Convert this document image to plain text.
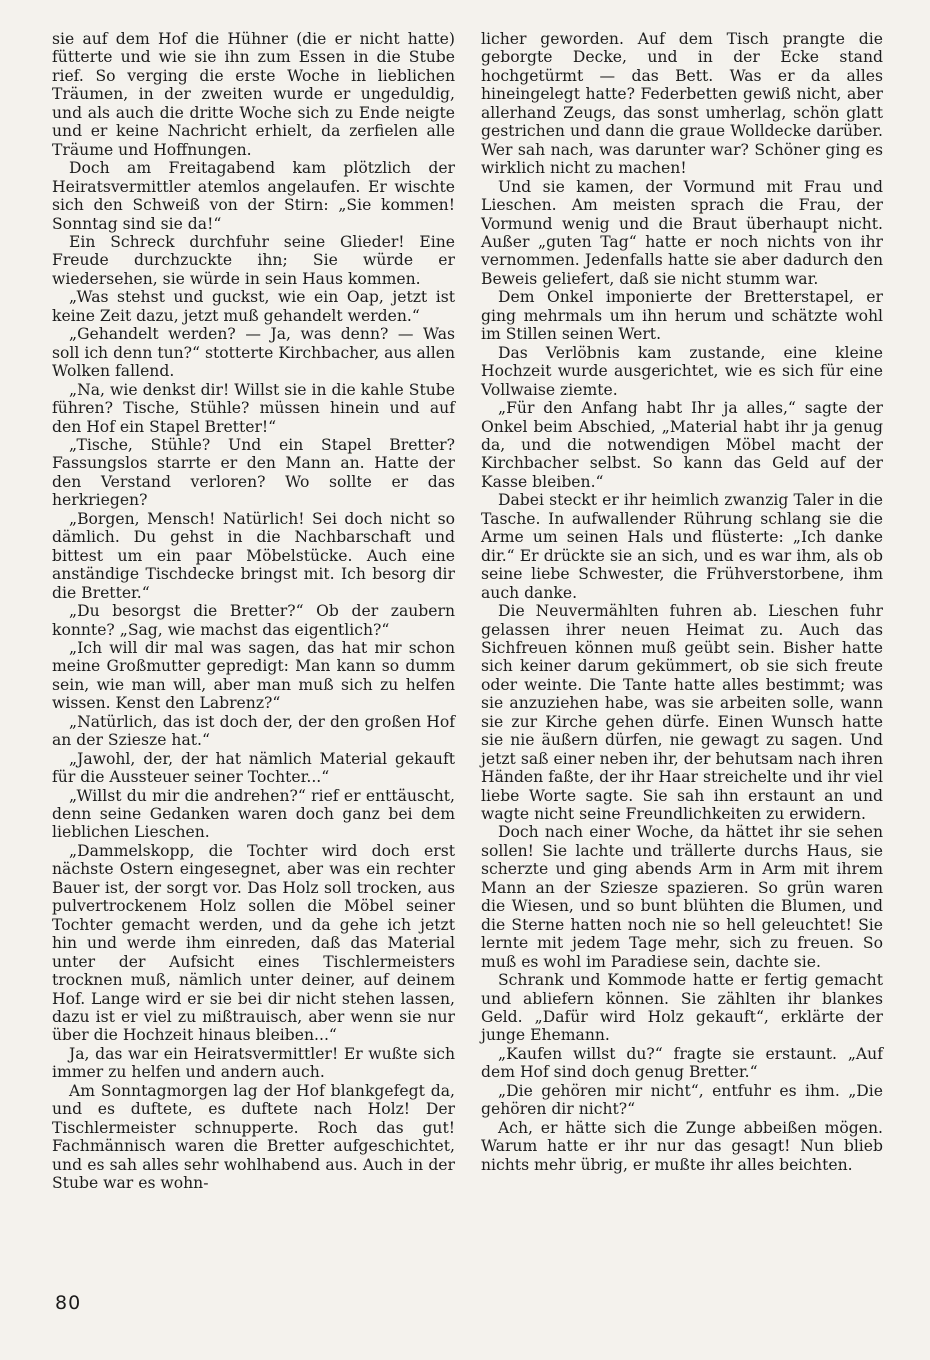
sie auf dem Hof die Hühner (die er nicht hatte) fütterte und wie sie ihn zum Essen in die Stube rief. So verging die erste Woche in lieblichen Träumen, in der zweiten wurde er ungeduldig, und als auch die dritte Woche sich zu Ende neigte und er keine Nachricht erhielt, da zerfielen alle Träume und Hoffnungen.

Doch am Freitagabend kam plötzlich der Heiratsvermittler atemlos angelaufen. Er wischte sich den Schweiß von der Stirn: „Sie kommen! Sonntag sind sie da!“

Ein Schreck durchfuhr seine Glieder! Eine Freude durchzuckte ihn; Sie würde er wiedersehen, sie würde in sein Haus kommen.

„Was stehst und guckst, wie ein Oap, jetzt ist keine Zeit dazu, jetzt muß gehandelt werden.“

„Gehandelt werden? — Ja, was denn? — Was soll ich denn tun?“ stotterte Kirchbacher, aus allen Wolken fallend.

„Na, wie denkst dir! Willst sie in die kahle Stube führen? Tische, Stühle? müssen hinein und auf den Hof ein Stapel Bretter!“

„Tische, Stühle? Und ein Stapel Bretter? Fassungslos starrte er den Mann an. Hatte der den Verstand verloren? Wo sollte er das herkriegen?

„Borgen, Mensch! Natürlich! Sei doch nicht so dämlich. Du gehst in die Nachbarschaft und bittest um ein paar Möbelstücke. Auch eine anständige Tischdecke bringst mit. Ich besorg dir die Bretter.“

„Du besorgst die Bretter?“ Ob der zaubern konnte? „Sag, wie machst das eigentlich?“

„Ich will dir mal was sagen, das hat mir schon meine Großmutter gepredigt: Man kann so dumm sein, wie man will, aber man muß sich zu helfen wissen. Kenst den Labrenz?“

„Natürlich, das ist doch der, der den großen Hof an der Sziesze hat.“

„Jawohl, der, der hat nämlich Material gekauft für die Aussteuer seiner Tochter...“

„Willst du mir die andrehen?“ rief er enttäuscht, denn seine Gedanken waren doch ganz bei dem lieblichen Lieschen.

„Dammelskopp, die Tochter wird doch erst nächste Ostern eingesegnet, aber was ein rechter Bauer ist, der sorgt vor. Das Holz soll trocken, aus pulvertrockenem Holz sollen die Möbel seiner Tochter gemacht werden, und da gehe ich jetzt hin und werde ihm einreden, daß das Material unter der Aufsicht eines Tischlermeisters trocknen muß, nämlich unter deiner, auf deinem Hof. Lange wird er sie bei dir nicht stehen lassen, dazu ist er viel zu mißtrauisch, aber wenn sie nur über die Hochzeit hinaus bleiben...“

Ja, das war ein Heiratsvermittler! Er wußte sich immer zu helfen und andern auch.

Am Sonntagmorgen lag der Hof blankgefegt da, und es duftete, es duftete nach Holz! Der Tischlermeister schnupperte. Roch das gut! Fachmännisch waren die Bretter aufgeschichtet, und es sah alles sehr wohlhabend aus. Auch in der Stube war es wohn-

licher geworden. Auf dem Tisch prangte die geborgte Decke, und in der Ecke stand hochgetürmt — das Bett. Was er da alles hineingelegt hatte? Federbetten gewiß nicht, aber allerhand Zeugs, das sonst umherlag, schön glatt gestrichen und dann die graue Wolldecke darüber. Wer sah nach, was darunter war? Schöner ging es wirklich nicht zu machen!

Und sie kamen, der Vormund mit Frau und Lieschen. Am meisten sprach die Frau, der Vormund wenig und die Braut überhaupt nicht. Außer „guten Tag“ hatte er noch nichts von ihr vernommen. Jedenfalls hatte sie aber dadurch den Beweis geliefert, daß sie nicht stumm war.

Dem Onkel imponierte der Bretterstapel, er ging mehrmals um ihn herum und schätzte wohl im Stillen seinen Wert.

Das Verlöbnis kam zustande, eine kleine Hochzeit wurde ausgerichtet, wie es sich für eine Vollwaise ziemte.

„Für den Anfang habt Ihr ja alles,“ sagte der Onkel beim Abschied, „Material habt ihr ja genug da, und die notwendigen Möbel macht der Kirchbacher selbst. So kann das Geld auf der Kasse bleiben.“

Dabei steckt er ihr heimlich zwanzig Taler in die Tasche. In aufwallender Rührung schlang sie die Arme um seinen Hals und flüsterte: „Ich danke dir.“ Er drückte sie an sich, und es war ihm, als ob seine liebe Schwester, die Frühverstorbene, ihm auch danke.

Die Neuvermählten fuhren ab. Lieschen fuhr gelassen ihrer neuen Heimat zu. Auch das Sichfreuen können muß geübt sein. Bisher hatte sich keiner darum gekümmert, ob sie sich freute oder weinte. Die Tante hatte alles bestimmt; was sie anzuziehen habe, was sie arbeiten solle, wann sie zur Kirche gehen dürfe. Einen Wunsch hatte sie nie äußern dürfen, nie gewagt zu sagen. Und jetzt saß einer neben ihr, der behutsam nach ihren Händen faßte, der ihr Haar streichelte und ihr viel liebe Worte sagte. Sie sah ihn erstaunt an und wagte nicht seine Freundlichkeiten zu erwidern.

Doch nach einer Woche, da hättet ihr sie sehen sollen! Sie lachte und trällerte durchs Haus, sie scherzte und ging abends Arm in Arm mit ihrem Mann an der Sziesze spazieren. So grün waren die Wiesen, und so bunt blühten die Blumen, und die Sterne hatten noch nie so hell geleuchtet! Sie lernte mit jedem Tage mehr, sich zu freuen. So muß es wohl im Paradiese sein, dachte sie.

Schrank und Kommode hatte er fertig gemacht und abliefern können. Sie zählten ihr blankes Geld. „Dafür wird Holz gekauft“, erklärte der junge Ehemann.

„Kaufen willst du?“ fragte sie erstaunt. „Auf dem Hof sind doch genug Bretter.“

„Die gehören mir nicht“, entfuhr es ihm. „Die gehören dir nicht?“

Ach, er hätte sich die Zunge abbeißen mögen. Warum hatte er ihr nur das gesagt! Nun blieb nichts mehr übrig, er mußte ihr alles beichten.

80
